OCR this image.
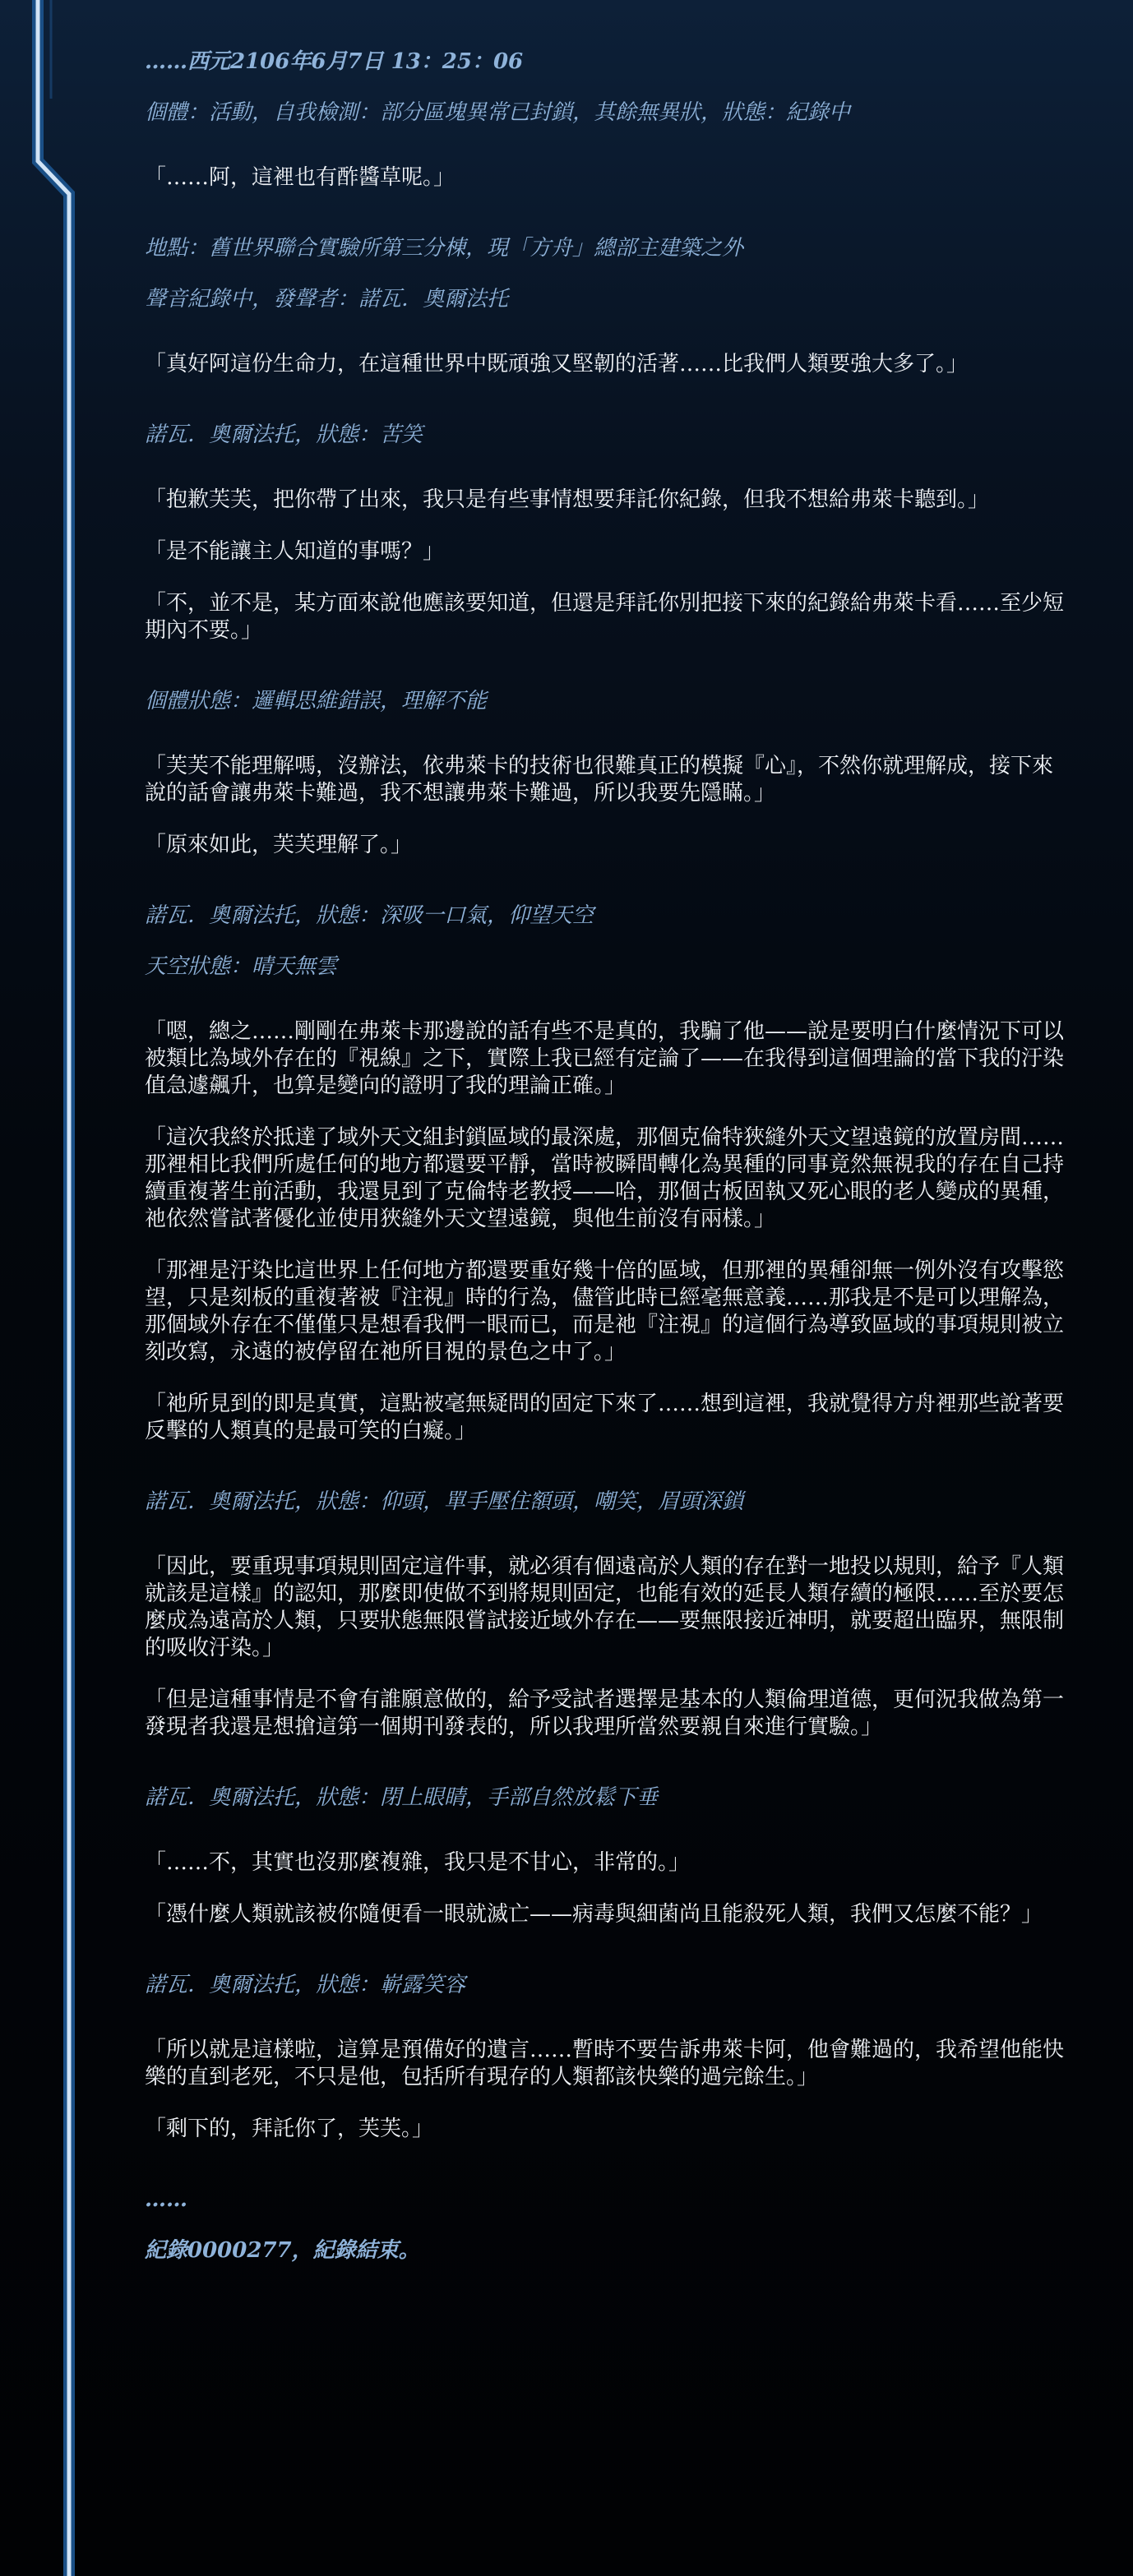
……西元2106年6月7日 13：25：06
個體：活動，自我檢測：部分區塊異常已封鎖，其餘無異狀，狀態：紀錄中
「……阿，這裡也有酢醬草呢。」
地點：舊世界聯合實驗所第三分棟，現「方舟」總部主建築之外
聲音紀錄中，發聲者：諾瓦．奧爾法托
「真好阿這份生命力，在這種世界中既頑強又堅韌的活著……比我們人類要強大多了。」
諾瓦．奧爾法托，狀態：苦笑
「抱歉芙芙，把你帶了出來，我只是有些事情想要拜託你紀錄，但我不想給弗萊卡聽到。」
「是不能讓主人知道的事嗎？」
「不，並不是，某方面來說他應該要知道，但還是拜託你別把接下來的紀錄給弗萊卡看……至少短期內不要。」
個體狀態：邏輯思維錯誤，理解不能
「芙芙不能理解嗎，沒辦法，依弗萊卡的技術也很難真正的模擬『心』，不然你就理解成，接下來說的話會讓弗萊卡難過，我不想讓弗萊卡難過，所以我要先隱瞞。」
「原來如此，芙芙理解了。」
諾瓦．奧爾法托，狀態：深吸一口氣，仰望天空
天空狀態：晴天無雲
「嗯，總之……剛剛在弗萊卡那邊說的話有些不是真的，我騙了他——說是要明白什麼情況下可以被類比為域外存在的『視線』之下，實際上我已經有定論了——在我得到這個理論的當下我的汙染值急遽飆升，也算是變向的證明了我的理論正確。」
「這次我終於抵達了域外天文組封鎖區域的最深處，那個克倫特狹縫外天文望遠鏡的放置房間……那裡相比我們所處任何的地方都還要平靜，當時被瞬間轉化為異種的同事竟然無視我的存在自己持續重複著生前活動，我還見到了克倫特老教授——哈，那個古板固執又死心眼的老人變成的異種，祂依然嘗試著優化並使用狹縫外天文望遠鏡，與他生前沒有兩樣。」
「那裡是汙染比這世界上任何地方都還要重好幾十倍的區域，但那裡的異種卻無一例外沒有攻擊慾望，只是刻板的重複著被『注視』時的行為，儘管此時已經毫無意義……那我是不是可以理解為，那個域外存在不僅僅只是想看我們一眼而已，而是祂『注視』的這個行為導致區域的事項規則被立刻改寫，永遠的被停留在祂所目視的景色之中了。」
「祂所見到的即是真實，這點被毫無疑問的固定下來了……想到這裡，我就覺得方舟裡那些說著要反擊的人類真的是最可笑的白癡。」
諾瓦．奧爾法托，狀態：仰頭，單手壓住額頭，嘲笑，眉頭深鎖
「因此，要重現事項規則固定這件事，就必須有個遠高於人類的存在對一地投以規則，給予『人類就該是這樣』的認知，那麼即使做不到將規則固定，也能有效的延長人類存續的極限……至於要怎麼成為遠高於人類，只要狀態無限嘗試接近域外存在——要無限接近神明，就要超出臨界，無限制的吸收汙染。」
「但是這種事情是不會有誰願意做的，給予受試者選擇是基本的人類倫理道德，更何況我做為第一發現者我還是想搶這第一個期刊發表的，所以我理所當然要親自來進行實驗。」
諾瓦．奧爾法托，狀態：閉上眼睛，手部自然放鬆下垂
「……不，其實也沒那麼複雜，我只是不甘心，非常的。」
「憑什麼人類就該被你隨便看一眼就滅亡——病毒與細菌尚且能殺死人類，我們又怎麼不能？」
諾瓦．奧爾法托，狀態：嶄露笑容
「所以就是這樣啦，這算是預備好的遺言……暫時不要告訴弗萊卡阿，他會難過的，我希望他能快樂的直到老死，不只是他，包括所有現存的人類都該快樂的過完餘生。」
「剩下的，拜託你了，芙芙。」
……
紀錄0000277，紀錄結束。
